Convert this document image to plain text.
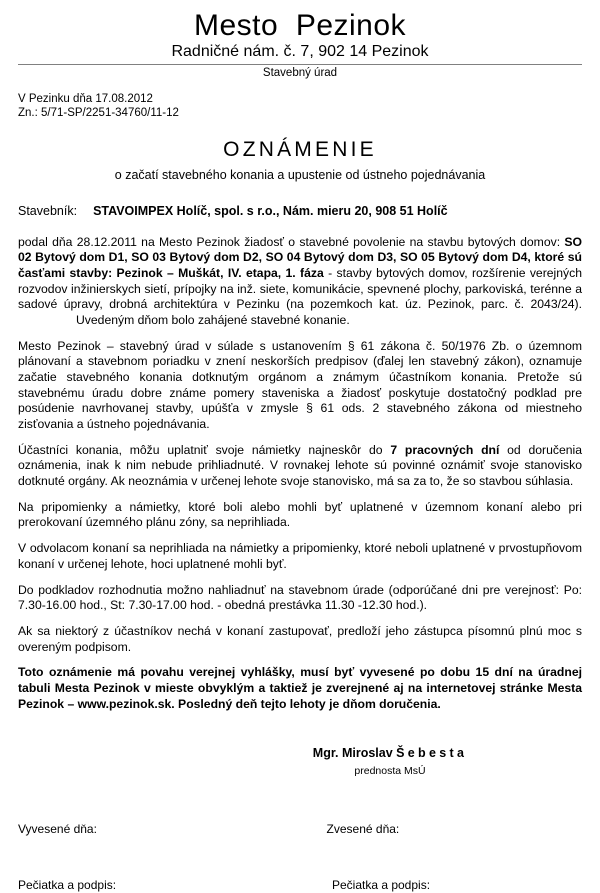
Mesto  Pezinok
Radničné nám. č. 7, 902 14 Pezinok
Stavebný úrad
V Pezinku dňa 17.08.2012
Zn.: 5/71-SP/2251-34760/11-12
OZNÁMENIE
o začatí stavebného konania a upustenie od ústneho pojednávania
Stavebník: STAVOIMPEX Holíč, spol. s r.o., Nám. mieru 20, 908 51 Holíč

podal dňa 28.12.2011 na Mesto Pezinok žiadosť o stavebné povolenie na stavbu bytových domov: SO 02 Bytový dom D1, SO 03 Bytový dom D2, SO 04 Bytový dom D3, SO 05 Bytový dom D4, ktoré sú časťami stavby: Pezinok – Muškát, IV. etapa, 1. fáza - stavby bytových domov, rozšírenie verejných rozvodov inžinierskych sietí, prípojky na inž. siete, komunikácie, spevnené plochy, parkoviská, terénne a sadové úpravy, drobná architektúra v Pezinku (na pozemkoch kat. úz. Pezinok, parc. č. 2043/24).Uvedeným dňom bolo zahájené stavebné konanie.

Mesto Pezinok – stavebný úrad v súlade s ustanovením § 61 zákona č. 50/1976 Zb. o územnom plánovaní a stavebnom poriadku v znení neskorších predpisov (ďalej len stavebný zákon), oznamuje začatie stavebného konania dotknutým orgánom a známym účastníkom konania. Pretože sú stavebnému úradu dobre známe pomery staveniska a žiadosť poskytuje dostatočný podklad pre posúdenie navrhovanej stavby, upúšťa v zmysle § 61 ods. 2 stavebného zákona od miestneho zisťovania a ústneho pojednávania.

Účastníci konania, môžu uplatniť svoje námietky najneskôr do 7 pracovných dní od doručenia oznámenia, inak k nim nebude prihliadnuté. V rovnakej lehote sú povinné oznámiť svoje stanovisko dotknuté orgány. Ak neoznámia v určenej lehote svoje stanovisko, má sa za to, že so stavbou súhlasia.

Na pripomienky a námietky, ktoré boli alebo mohli byť uplatnené v územnom konaní alebo pri prerokovaní územného plánu zóny, sa neprihliada.

V odvolacom konaní sa neprihliada na námietky a pripomienky, ktoré neboli uplatnené v prvostupňovom konaní v určenej lehote, hoci uplatnené mohli byť.

Do podkladov rozhodnutia možno nahliadnuť na stavebnom úrade (odporúčané dni pre verejnosť: Po: 7.30-16.00 hod., St: 7.30-17.00 hod. - obedná prestávka 11.30 -12.30 hod.).

Ak sa niektorý z účastníkov nechá v konaní zastupovať, predloží jeho zástupca písomnú plnú moc s overeným podpisom.

Toto oznámenie má povahu verejnej vyhlášky, musí byť vyvesené po dobu 15 dní na úradnej tabuli Mesta Pezinok v mieste obvyklým a taktiež je zverejnené aj na internetovej stránke Mesta Pezinok – www.pezinok.sk. Posledný deň tejto lehoty je dňom doručenia.

Mgr. Miroslav Šebesta
prednosta MsÚ
Vyvesené dňa:	Zvesené dňa:
Pečiatka a podpis:	Pečiatka a podpis:
